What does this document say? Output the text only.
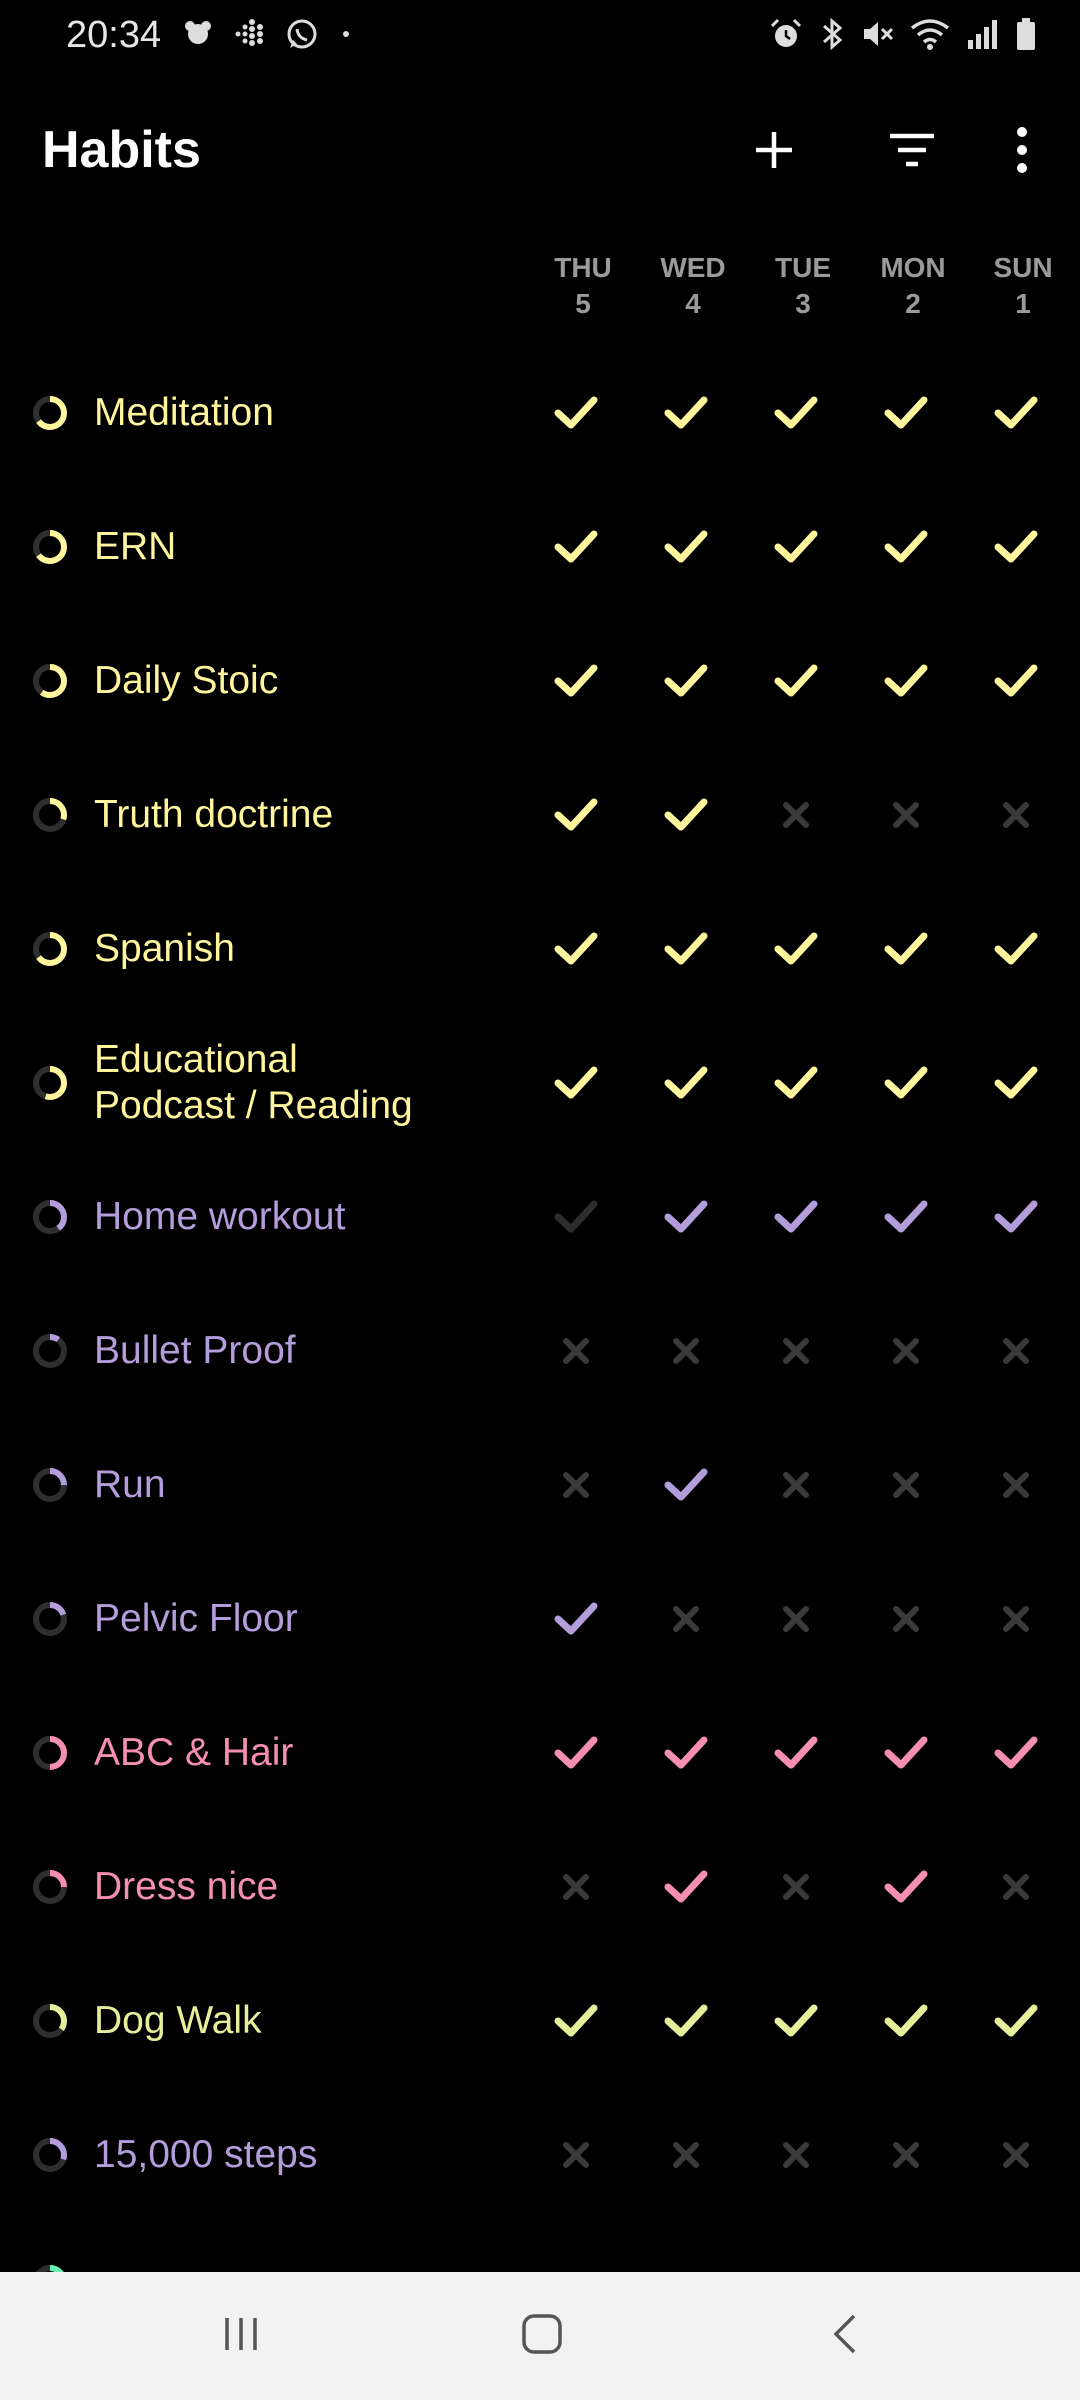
20:34
Habits
THU
5
WED
4
TUE
3
MON
2
SUN
1
Meditation
ERN
Daily Stoic
Truth doctrine
Spanish
Educational
Podcast / Reading
Home workout
Bullet Proof
Run
Pelvic Floor
ABC & Hair
Dress nice
Dog Walk
15,000 steps
